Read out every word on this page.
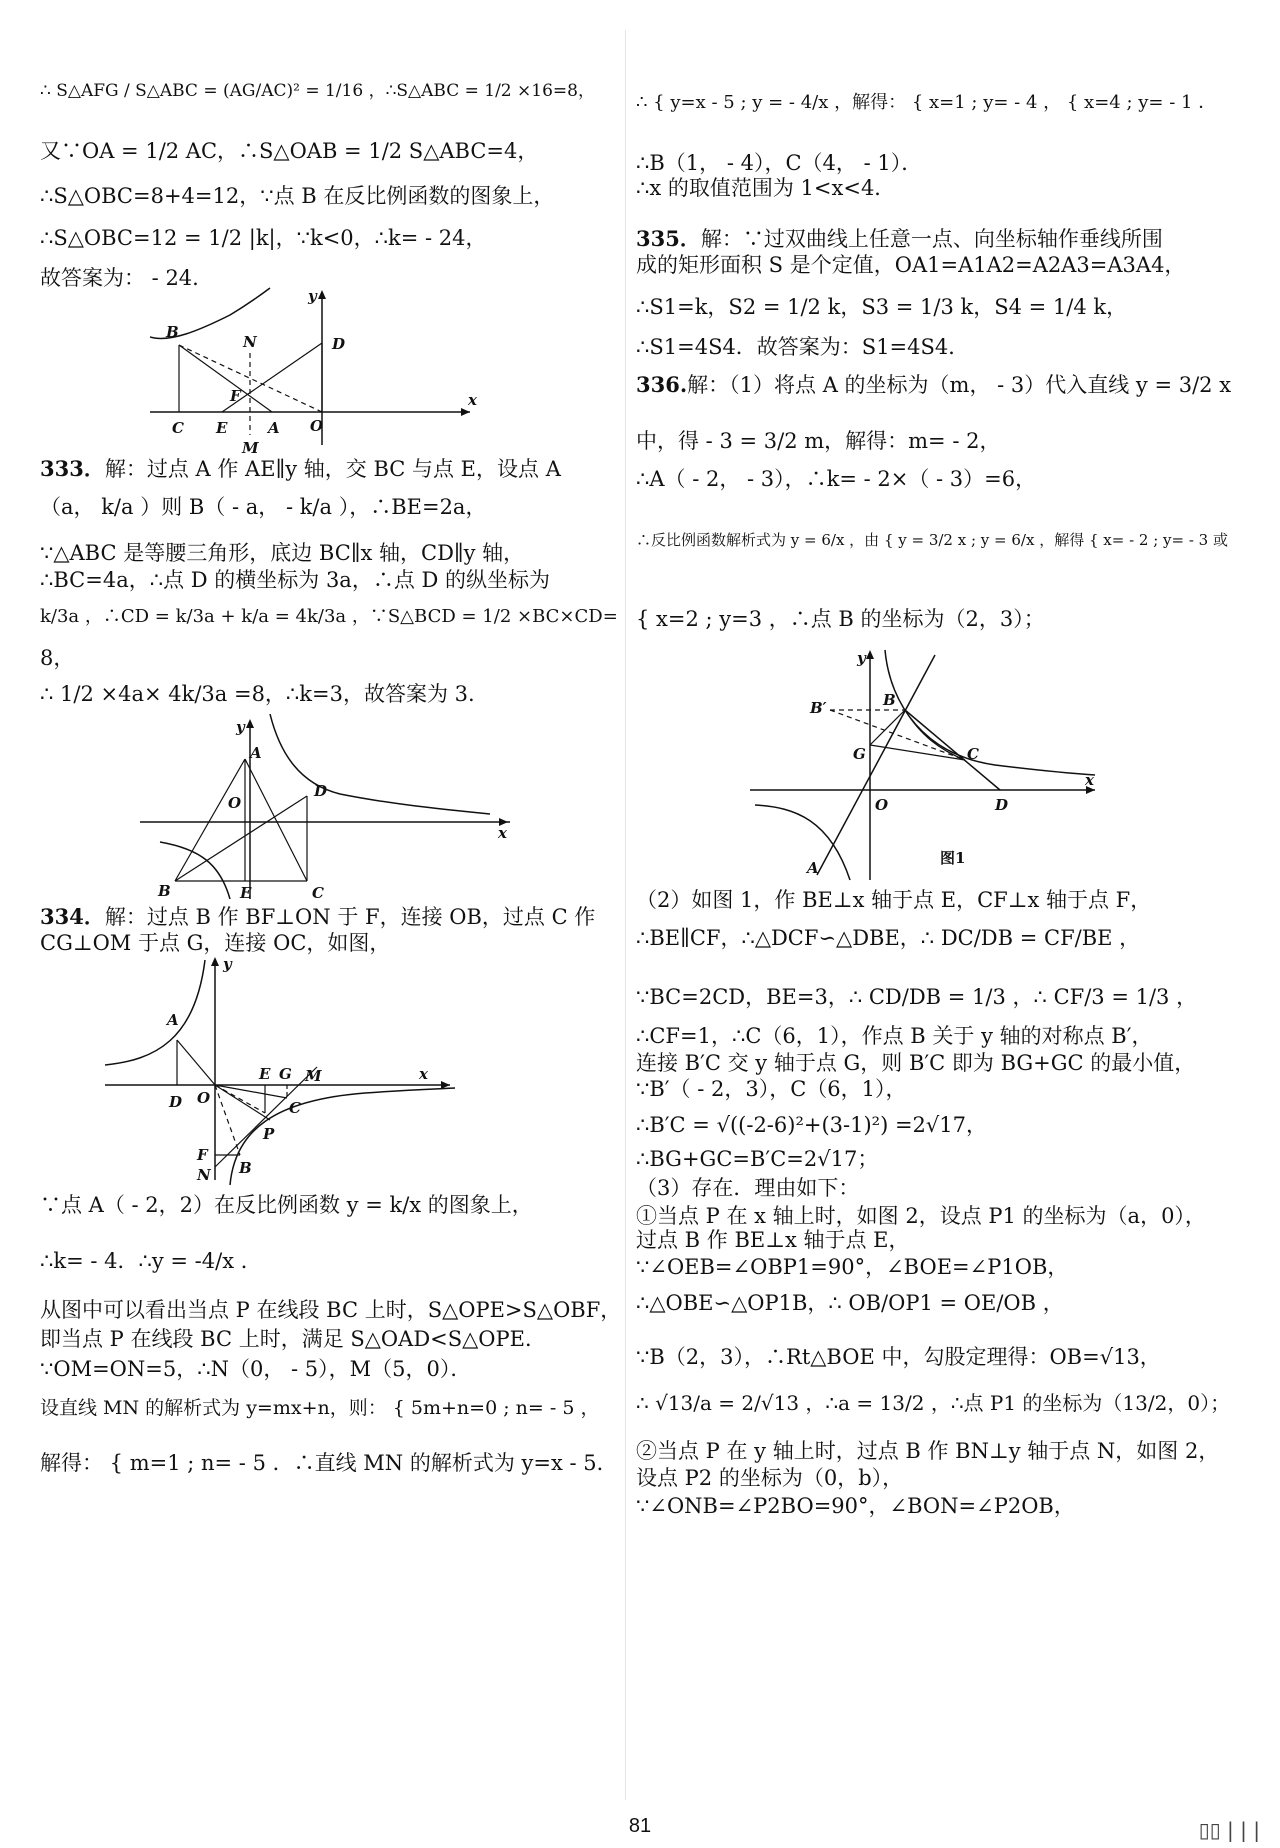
∴ S△AFG / S△ABC = (AG/AC)² = 1/16 ，∴S△ABC = 1/2 ×16=8，
又∵OA = 1/2 AC，∴S△OAB = 1/2 S△ABC=4，
∴S△OBC=8+4=12，∵点 B 在反比例函数的图象上，
∴S△OBC=12 = 1/2 |k|，∵k<0，∴k= - 24，
故答案为： - 24.
333．解：过点 A 作 AE∥y 轴，交 BC 与点 E，设点 A
（a， k/a ）则 B（ - a， - k/a ），∴BE=2a，
∵△ABC 是等腰三角形，底边 BC∥x 轴，CD∥y 轴，
∴BC=4a，∴点 D 的横坐标为 3a，∴点 D 的纵坐标为
k/3a ，∴CD = k/3a + k/a = 4k/3a ，∵S△BCD = 1/2 ×BC×CD=
8，
∴ 1/2 ×4a× 4k/3a =8，∴k=3，故答案为 3.
334．解：过点 B 作 BF⊥ON 于 F，连接 OB，过点 C 作
CG⊥OM 于点 G，连接 OC，如图，
∵点 A（ - 2，2）在反比例函数 y = k/x 的图象上，
∴k= - 4．∴y = -4/x ．
从图中可以看出当点 P 在线段 BC 上时，S△OPE>S△OBF，
即当点 P 在线段 BC 上时，满足 S△OAD<S△OPE．
∵OM=ON=5，∴N（0， - 5），M（5，0）．
设直线 MN 的解析式为 y=mx+n，则： { 5m+n=0 ; n= - 5 ，
解得： { m=1 ; n= - 5 ．∴直线 MN 的解析式为 y=x - 5．
∴ { y=x - 5 ; y = - 4/x ，解得： { x=1 ; y= - 4 ， { x=4 ; y= - 1 ．
∴B（1， - 4），C（4， - 1）．
∴x 的取值范围为 1<x<4．
335．解：∵过双曲线上任意一点、向坐标轴作垂线所围
成的矩形面积 S 是个定值，OA1=A1A2=A2A3=A3A4，
∴S1=k，S2 = 1/2 k，S3 = 1/3 k，S4 = 1/4 k，
∴S1=4S4．故答案为：S1=4S4．
336.解：（1）将点 A 的坐标为（m， - 3）代入直线 y = 3/2 x
中，得 - 3 = 3/2 m，解得：m= - 2，
∴A（ - 2， - 3），∴k= - 2×（ - 3）=6，
∴反比例函数解析式为 y = 6/x ，由 { y = 3/2 x ; y = 6/x ，解得 { x= - 2 ; y= - 3 或
{ x=2 ; y=3 ，∴点 B 的坐标为（2，3）；
（2）如图 1，作 BE⊥x 轴于点 E，CF⊥x 轴于点 F，
∴BE∥CF，∴△DCF∽△DBE，∴ DC/DB = CF/BE ，
∵BC=2CD，BE=3，∴ CD/DB = 1/3 ，∴ CF/3 = 1/3 ，
∴CF=1，∴C（6，1），作点 B 关于 y 轴的对称点 B′，
连接 B′C 交 y 轴于点 G，则 B′C 即为 BG+GC 的最小值，
∵B′（ - 2，3），C（6，1），
∴B′C = √((-2-6)²+(3-1)²) =2√17，
∴BG+GC=B′C=2√17；
（3）存在．理由如下：
①当点 P 在 x 轴上时，如图 2，设点 P1 的坐标为（a，0），
过点 B 作 BE⊥x 轴于点 E，
∵∠OEB=∠OBP1=90°，∠BOE=∠P1OB，
∴△OBE∽△OP1B，∴ OB/OP1 = OE/OB ，
∵B（2，3），∴Rt△BOE 中，勾股定理得：OB=√13，
∴ √13/a = 2/√13 ，∴a = 13/2 ，∴点 P1 的坐标为（13/2，0）；
②当点 P 在 y 轴上时，过点 B 作 BN⊥y 轴于点 N，如图 2，
设点 P2 的坐标为（0，b），
∵∠ONB=∠P2BO=90°，∠BON=∠P2OB，
B
N
y
D
F
C E	A O
x
M
y
A
O
D
x
B	E	C
y
A
E G M	x
D O
C
P
F
N B
y
B
B′
G	C
O	D
x
A
图1
81	▯▯ | | |
